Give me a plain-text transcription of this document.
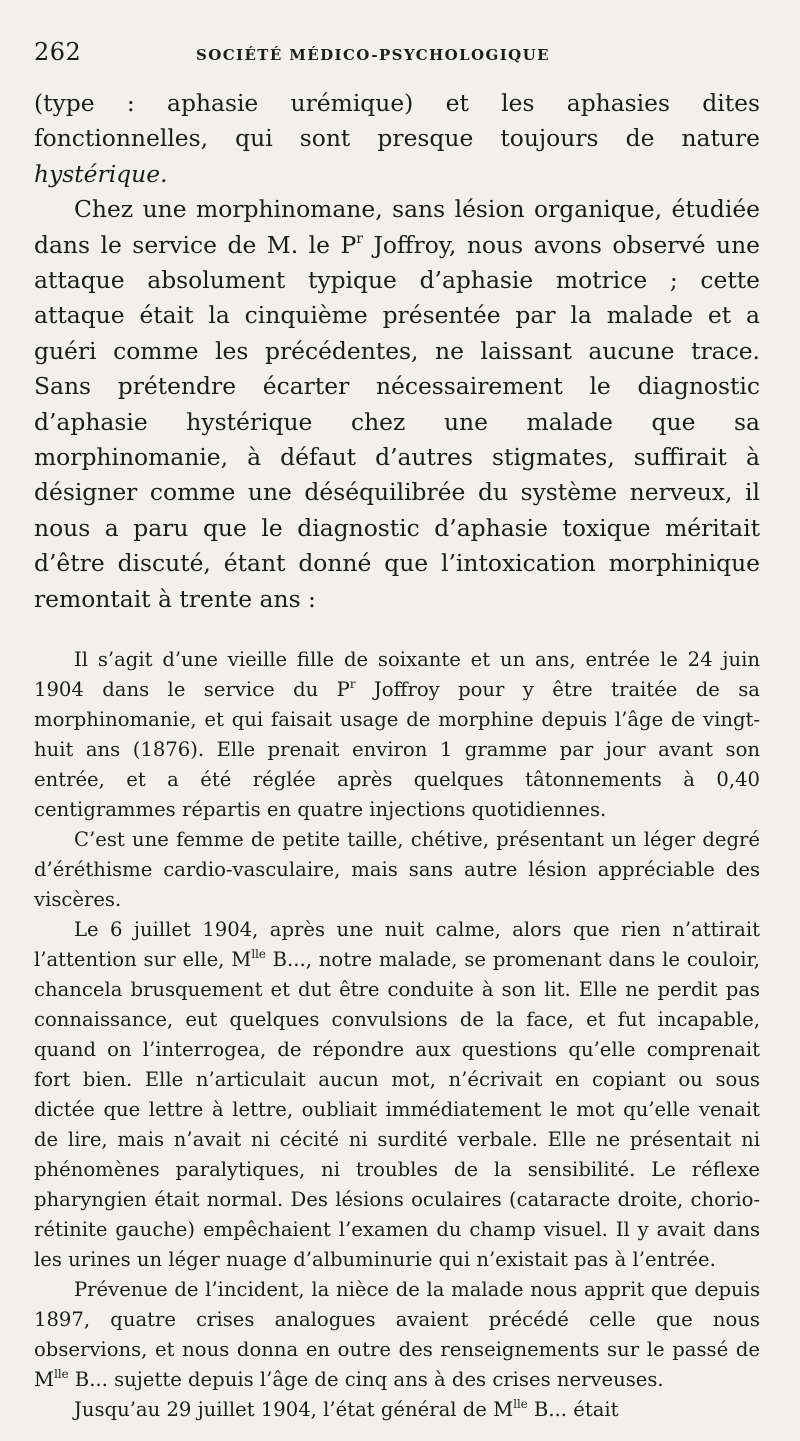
262	SOCIÉTÉ MÉDICO-PSYCHOLOGIQUE

(type : aphasie urémique) et les aphasies dites fonctionnelles, qui sont presque toujours de nature hystérique.

Chez une morphinomane, sans lésion organique, étudiée dans le service de M. le $P^r$ Joffroy, nous avons observé une attaque absolument typique d’aphasie motrice ; cette attaque était la cinquième présentée par la malade et a guéri comme les précédentes, ne laissant aucune trace. Sans prétendre écarter nécessairement le diagnostic d’aphasie hystérique chez une malade que sa morphinomanie, à défaut d’autres stigmates, suffirait à désigner comme une déséquilibrée du système nerveux, il nous a paru que le diagnostic d’aphasie toxique méritait d’être discuté, étant donné que l’intoxication morphinique remontait à trente ans :

Il s’agit d’une vieille fille de soixante et un ans, entrée le 24 juin 1904 dans le service du $P^r$ Joffroy pour y être traitée de sa morphinomanie, et qui faisait usage de morphine depuis l’âge de vingt-huit ans (1876). Elle prenait environ 1 gramme par jour avant son entrée, et a été réglée après quelques tâtonnements à 0,40 centigrammes répartis en quatre injections quotidiennes.

C’est une femme de petite taille, chétive, présentant un léger degré d’éréthisme cardio-vasculaire, mais sans autre lésion appréciable des viscères.

Le 6 juillet 1904, après une nuit calme, alors que rien n’attirait l’attention sur elle, $M^{lle}$ B..., notre malade, se promenant dans le couloir, chancela brusquement et dut être conduite à son lit. Elle ne perdit pas connaissance, eut quelques convulsions de la face, et fut incapable, quand on l’interrogea, de répondre aux questions qu’elle comprenait fort bien. Elle n’articulait aucun mot, n’écrivait en copiant ou sous dictée que lettre à lettre, oubliait immédiatement le mot qu’elle venait de lire, mais n’avait ni cécité ni surdité verbale. Elle ne présentait ni phénomènes paralytiques, ni troubles de la sensibilité. Le réflexe pharyngien était normal. Des lésions oculaires (cataracte droite, chorio-rétinite gauche) empêchaient l’examen du champ visuel. Il y avait dans les urines un léger nuage d’albuminurie qui n’existait pas à l’entrée.

Prévenue de l’incident, la nièce de la malade nous apprit que depuis 1897, quatre crises analogues avaient précédé celle que nous observions, et nous donna en outre des renseignements sur le passé de $M^{lle}$ B... sujette depuis l’âge de cinq ans à des crises nerveuses.

Jusqu’au 29 juillet 1904, l’état général de $M^{lle}$ B... était
